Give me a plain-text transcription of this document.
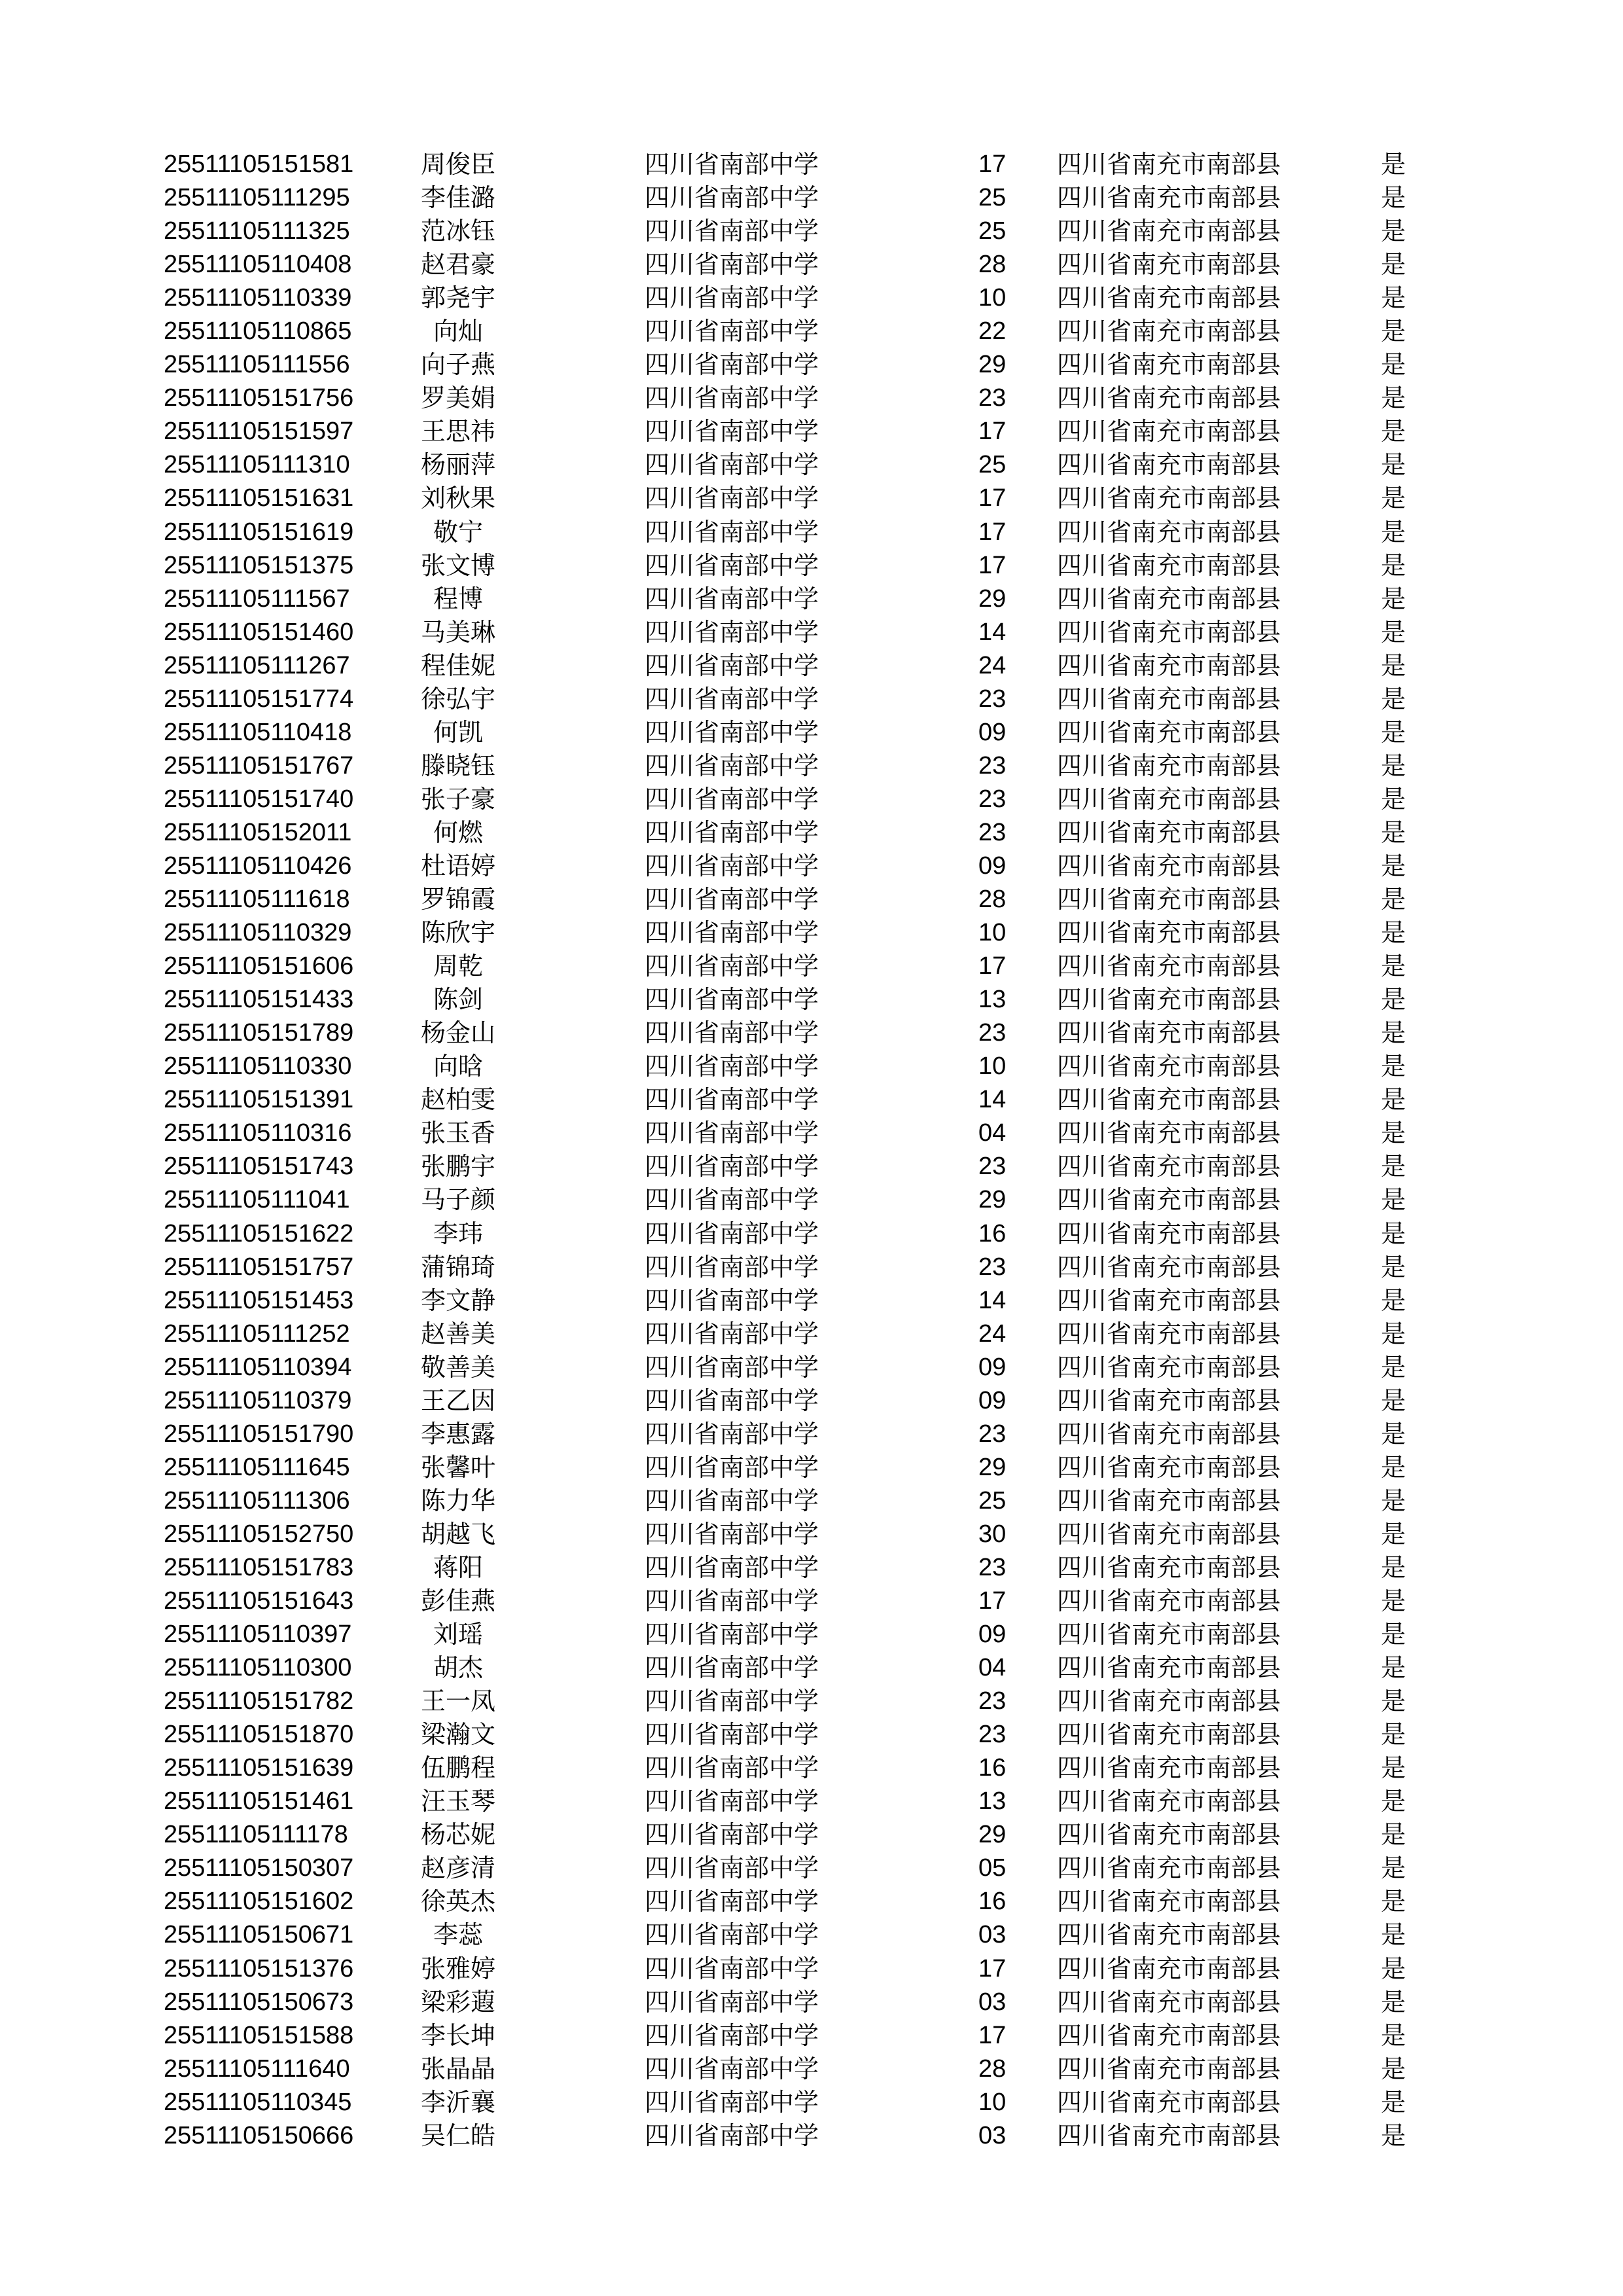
25511105151581	周俊臣	四川省南部中学	17 四川省南充市南部县	是
25511105111295	李佳潞	四川省南部中学	25 四川省南充市南部县	是
25511105111325	范冰钰	四川省南部中学	25 四川省南充市南部县	是
25511105110408	赵君豪	四川省南部中学	28 四川省南充市南部县	是
25511105110339	郭尧宇	四川省南部中学	10 四川省南充市南部县	是
25511105110865	向灿	四川省南部中学	22 四川省南充市南部县	是
25511105111556	向子燕	四川省南部中学	29 四川省南充市南部县	是
25511105151756	罗美娟	四川省南部中学	23 四川省南充市南部县	是
25511105151597	王思祎	四川省南部中学	17 四川省南充市南部县	是
25511105111310	杨丽萍	四川省南部中学	25 四川省南充市南部县	是
25511105151631	刘秋果	四川省南部中学	17 四川省南充市南部县	是
25511105151619	敬宁	四川省南部中学	17 四川省南充市南部县	是
25511105151375	张文博	四川省南部中学	17 四川省南充市南部县	是
25511105111567	程博	四川省南部中学	29 四川省南充市南部县	是
25511105151460	马美琳	四川省南部中学	14 四川省南充市南部县	是
25511105111267	程佳妮	四川省南部中学	24 四川省南充市南部县	是
25511105151774	徐弘宇	四川省南部中学	23 四川省南充市南部县	是
25511105110418	何凯	四川省南部中学	09 四川省南充市南部县	是
25511105151767	滕晓钰	四川省南部中学	23 四川省南充市南部县	是
25511105151740	张子豪	四川省南部中学	23 四川省南充市南部县	是
25511105152011	何燃	四川省南部中学	23 四川省南充市南部县	是
25511105110426	杜语婷	四川省南部中学	09 四川省南充市南部县	是
25511105111618	罗锦霞	四川省南部中学	28 四川省南充市南部县	是
25511105110329	陈欣宇	四川省南部中学	10 四川省南充市南部县	是
25511105151606	周乾	四川省南部中学	17 四川省南充市南部县	是
25511105151433	陈剑	四川省南部中学	13 四川省南充市南部县	是
25511105151789	杨金山	四川省南部中学	23 四川省南充市南部县	是
25511105110330	向晗	四川省南部中学	10 四川省南充市南部县	是
25511105151391	赵柏雯	四川省南部中学	14 四川省南充市南部县	是
25511105110316	张玉香	四川省南部中学	04 四川省南充市南部县	是
25511105151743	张鹏宇	四川省南部中学	23 四川省南充市南部县	是
25511105111041	马子颜	四川省南部中学	29 四川省南充市南部县	是
25511105151622	李玮	四川省南部中学	16 四川省南充市南部县	是
25511105151757	蒲锦琦	四川省南部中学	23 四川省南充市南部县	是
25511105151453	李文静	四川省南部中学	14 四川省南充市南部县	是
25511105111252	赵善美	四川省南部中学	24 四川省南充市南部县	是
25511105110394	敬善美	四川省南部中学	09 四川省南充市南部县	是
25511105110379	王乙因	四川省南部中学	09 四川省南充市南部县	是
25511105151790	李惠露	四川省南部中学	23 四川省南充市南部县	是
25511105111645	张馨叶	四川省南部中学	29 四川省南充市南部县	是
25511105111306	陈力华	四川省南部中学	25 四川省南充市南部县	是
25511105152750	胡越飞	四川省南部中学	30 四川省南充市南部县	是
25511105151783	蒋阳	四川省南部中学	23 四川省南充市南部县	是
25511105151643	彭佳燕	四川省南部中学	17 四川省南充市南部县	是
25511105110397	刘瑶	四川省南部中学	09 四川省南充市南部县	是
25511105110300	胡杰	四川省南部中学	04 四川省南充市南部县	是
25511105151782	王一凤	四川省南部中学	23 四川省南充市南部县	是
25511105151870	梁瀚文	四川省南部中学	23 四川省南充市南部县	是
25511105151639	伍鹏程	四川省南部中学	16 四川省南充市南部县	是
25511105151461	汪玉琴	四川省南部中学	13 四川省南充市南部县	是
25511105111178	杨芯妮	四川省南部中学	29 四川省南充市南部县	是
25511105150307	赵彦清	四川省南部中学	05 四川省南充市南部县	是
25511105151602	徐英杰	四川省南部中学	16 四川省南充市南部县	是
25511105150671	李蕊	四川省南部中学	03 四川省南充市南部县	是
25511105151376	张雅婷	四川省南部中学	17 四川省南充市南部县	是
25511105150673	梁彩蕸	四川省南部中学	03 四川省南充市南部县	是
25511105151588	李长坤	四川省南部中学	17 四川省南充市南部县	是
25511105111640	张晶晶	四川省南部中学	28 四川省南充市南部县	是
25511105110345	李沂襄	四川省南部中学	10 四川省南充市南部县	是
25511105150666	吴仁皓	四川省南部中学	03 四川省南充市南部县	是
